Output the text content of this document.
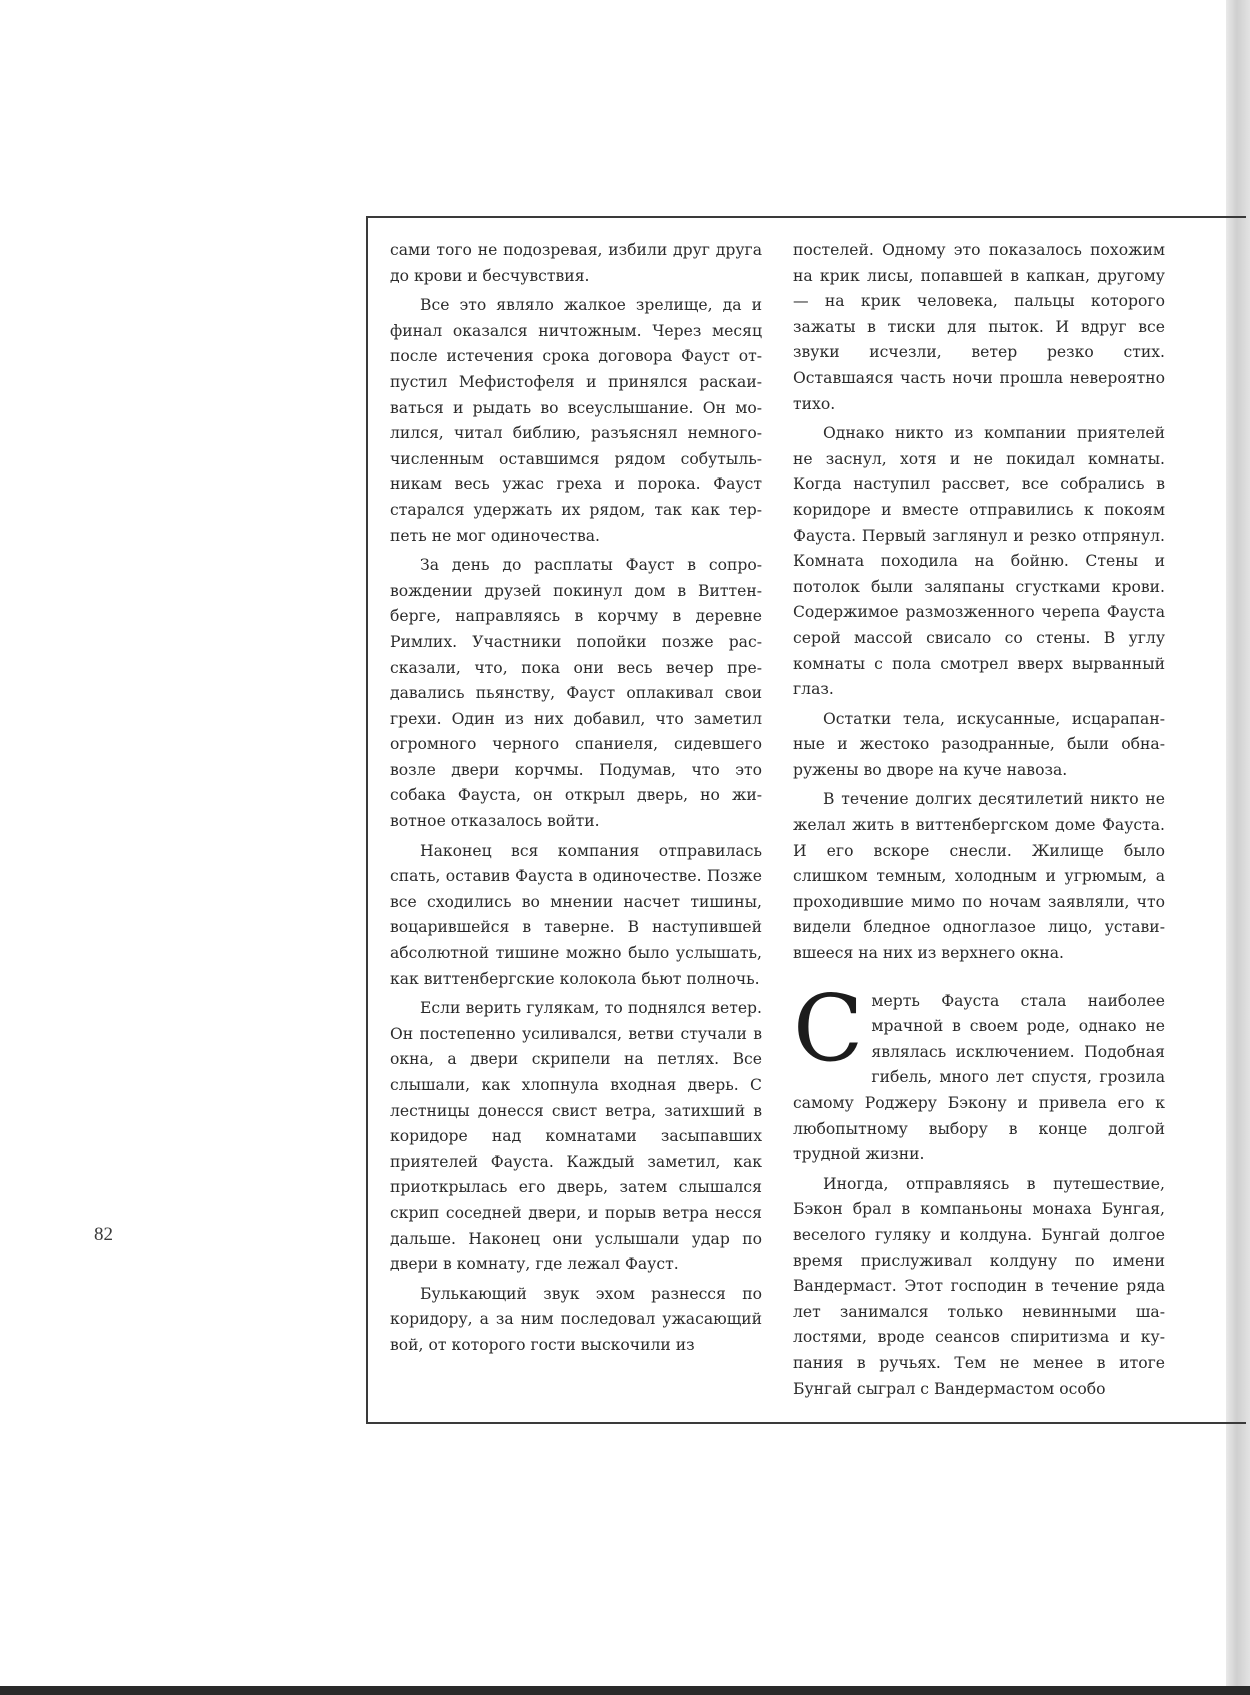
сами того не подозревая, избили друг друга до крови и бесчувствия.

Все это являло жалкое зрелище, да и финал оказался ничтожным. Через месяц после истечения срока договора Фауст отпустил Мефистофеля и принялся раскаиваться и рыдать во всеуслышание. Он молился, читал библию, разъяснял немногочисленным оставшимся рядом собутыльникам весь ужас греха и порока. Фауст старался удержать их рядом, так как терпеть не мог одиночества.

За день до расплаты Фауст в сопровождении друзей покинул дом в Виттенберге, направляясь в корчму в деревне Римлих. Участники попойки позже рассказали, что, пока они весь вечер предавались пьянству, Фауст оплакивал свои грехи. Один из них добавил, что заметил огромного черного спаниеля, сидевшего возле двери корчмы. Подумав, что это собака Фауста, он открыл дверь, но животное отказалось войти.

Наконец вся компания отправилась спать, оставив Фауста в одиночестве. Позже все сходились во мнении насчет тишины, воцарившейся в таверне. В наступившей абсолютной тишине можно было услышать, как виттенбергские колокола бьют полночь.

Если верить гулякам, то поднялся ветер. Он постепенно усиливался, ветви стучали в окна, а двери скрипели на петлях. Все слышали, как хлопнула входная дверь. С лестницы донесся свист ветра, затихший в коридоре над комнатами засыпавших приятелей Фауста. Каждый заметил, как приоткрылась его дверь, затем слышался скрип соседней двери, и порыв ветра несся дальше. Наконец они услышали удар по двери в комнату, где лежал Фауст.

Булькающий звук эхом разнесся по коридору, а за ним последовал ужасающий вой, от которого гости выскочили из

постелей. Одному это показалось похожим на крик лисы, попавшей в капкан, другому — на крик человека, пальцы которого зажаты в тиски для пыток. И вдруг все звуки исчезли, ветер резко стих. Оставшаяся часть ночи прошла невероятно тихо.

Однако никто из компании приятелей не заснул, хотя и не покидал комнаты. Когда наступил рассвет, все собрались в коридоре и вместе отправились к покоям Фауста. Первый заглянул и резко отпрянул. Комната походила на бойню. Стены и потолок были заляпаны сгустками крови. Содержимое размозженного черепа Фауста серой массой свисало со стены. В углу комнаты с пола смотрел вверх вырванный глаз.

Остатки тела, искусанные, исцарапанные и жестоко разодранные, были обнаружены во дворе на куче навоза.

В течение долгих десятилетий никто не желал жить в виттенбергском доме Фауста. И его вскоре снесли. Жилище было слишком темным, холодным и угрюмым, а проходившие мимо по ночам заявляли, что видели бледное одноглазое лицо, уставившееся на них из верхнего окна.

Смерть Фауста стала наиболее мрачной в своем роде, однако не являлась исключением. Подобная гибель, много лет спустя, грозила самому Роджеру Бэкону и привела его к любопытному выбору в конце долгой трудной жизни.

Иногда, отправляясь в путешествие, Бэкон брал в компаньоны монаха Бунгая, веселого гуляку и колдуна. Бунгай долгое время прислуживал колдуну по имени Вандермаст. Этот господин в течение ряда лет занимался только невинными шалостями, вроде сеансов спиритизма и купания в ручьях. Тем не менее в итоге Бунгай сыграл с Вандермастом особо

82
